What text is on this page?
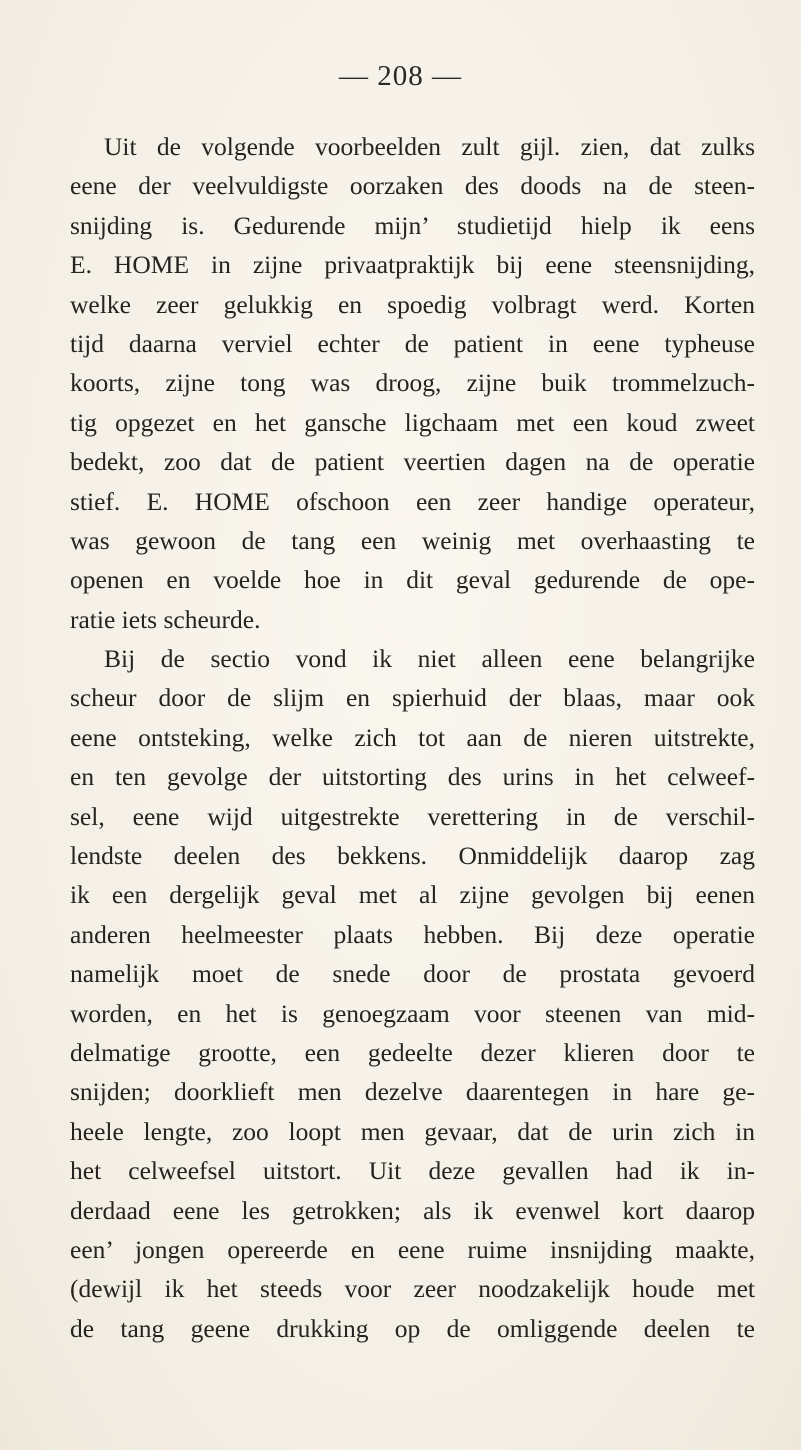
— 208 —
Uit de volgende voorbeelden zult gijl. zien, dat zulks
eene der veelvuldigste oorzaken des doods na de steen-
snijding is. Gedurende mijn’ studietijd hielp ik eens
E. HOME in zijne privaatpraktijk bij eene steensnijding,
welke zeer gelukkig en spoedig volbragt werd. Korten
tijd daarna verviel echter de patient in eene typheuse
koorts, zijne tong was droog, zijne buik trommelzuch-
tig opgezet en het gansche ligchaam met een koud zweet
bedekt, zoo dat de patient veertien dagen na de operatie
stief. E. HOME ofschoon een zeer handige operateur,
was gewoon de tang een weinig met overhaasting te
openen en voelde hoe in dit geval gedurende de ope-
ratie iets scheurde.
Bij de sectio vond ik niet alleen eene belangrijke
scheur door de slijm en spierhuid der blaas, maar ook
eene ontsteking, welke zich tot aan de nieren uitstrekte,
en ten gevolge der uitstorting des urins in het celweef-
sel, eene wijd uitgestrekte verettering in de verschil-
lendste deelen des bekkens. Onmiddelijk daarop zag
ik een dergelijk geval met al zijne gevolgen bij eenen
anderen heelmeester plaats hebben. Bij deze operatie
namelijk moet de snede door de prostata gevoerd
worden, en het is genoegzaam voor steenen van mid-
delmatige grootte, een gedeelte dezer klieren door te
snijden; doorklieft men dezelve daarentegen in hare ge-
heele lengte, zoo loopt men gevaar, dat de urin zich in
het celweefsel uitstort. Uit deze gevallen had ik in-
derdaad eene les getrokken; als ik evenwel kort daarop
een’ jongen opereerde en eene ruime insnijding maakte,
(dewijl ik het steeds voor zeer noodzakelijk houde met
de tang geene drukking op de omliggende deelen te
